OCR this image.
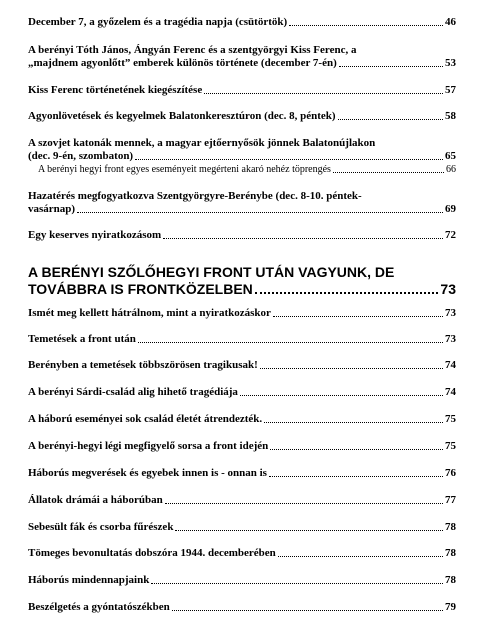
December 7, a győzelem és a tragédia napja (csütörtök)	46
A berényi Tóth János, Ángyán Ferenc és a szentgyörgyi Kiss Ferenc, a
„majdnem agyonlőtt” emberek különös története (december 7-én)	53
Kiss Ferenc történetének kiegészítése	57
Agyonlövetések és kegyelmek Balatonkeresztúron (dec. 8, péntek)	58
A szovjet katonák mennek, a magyar ejtőernyősök jönnek Balatonújlakon
(dec. 9-én, szombaton)	65
A berényi hegyi front egyes eseményeit megérteni akaró nehéz töprengés	66
Hazatérés megfogyatkozva Szentgyörgyre-Berénybe (dec. 8-10. péntek-
vasárnap)	69
Egy keserves nyiratkozásom	72
A BERÉNYI SZŐLŐHEGYI FRONT UTÁN VAGYUNK, DE
TOVÁBBRA IS FRONTKÖZELBEN	73
Ismét meg kellett hátrálnom, mint a nyiratkozáskor	73
Temetések a front után	73
Berényben a temetések többszörösen tragikusak!	74
A berényi Sárdi-család alig hihető tragédiája	74
A háború eseményei sok család életét átrendezték.	75
A berényi-hegyi légi megfigyelő sorsa a front idején	75
Háborús megverések és egyebek innen is - onnan is	76
Állatok drámái a háborúban	77
Sebesült fák és csorba fűrészek	78
Tömeges bevonultatás dobszóra 1944. decemberében	78
Háborús mindennapjaink	78
Beszélgetés a gyóntatószékben	79
